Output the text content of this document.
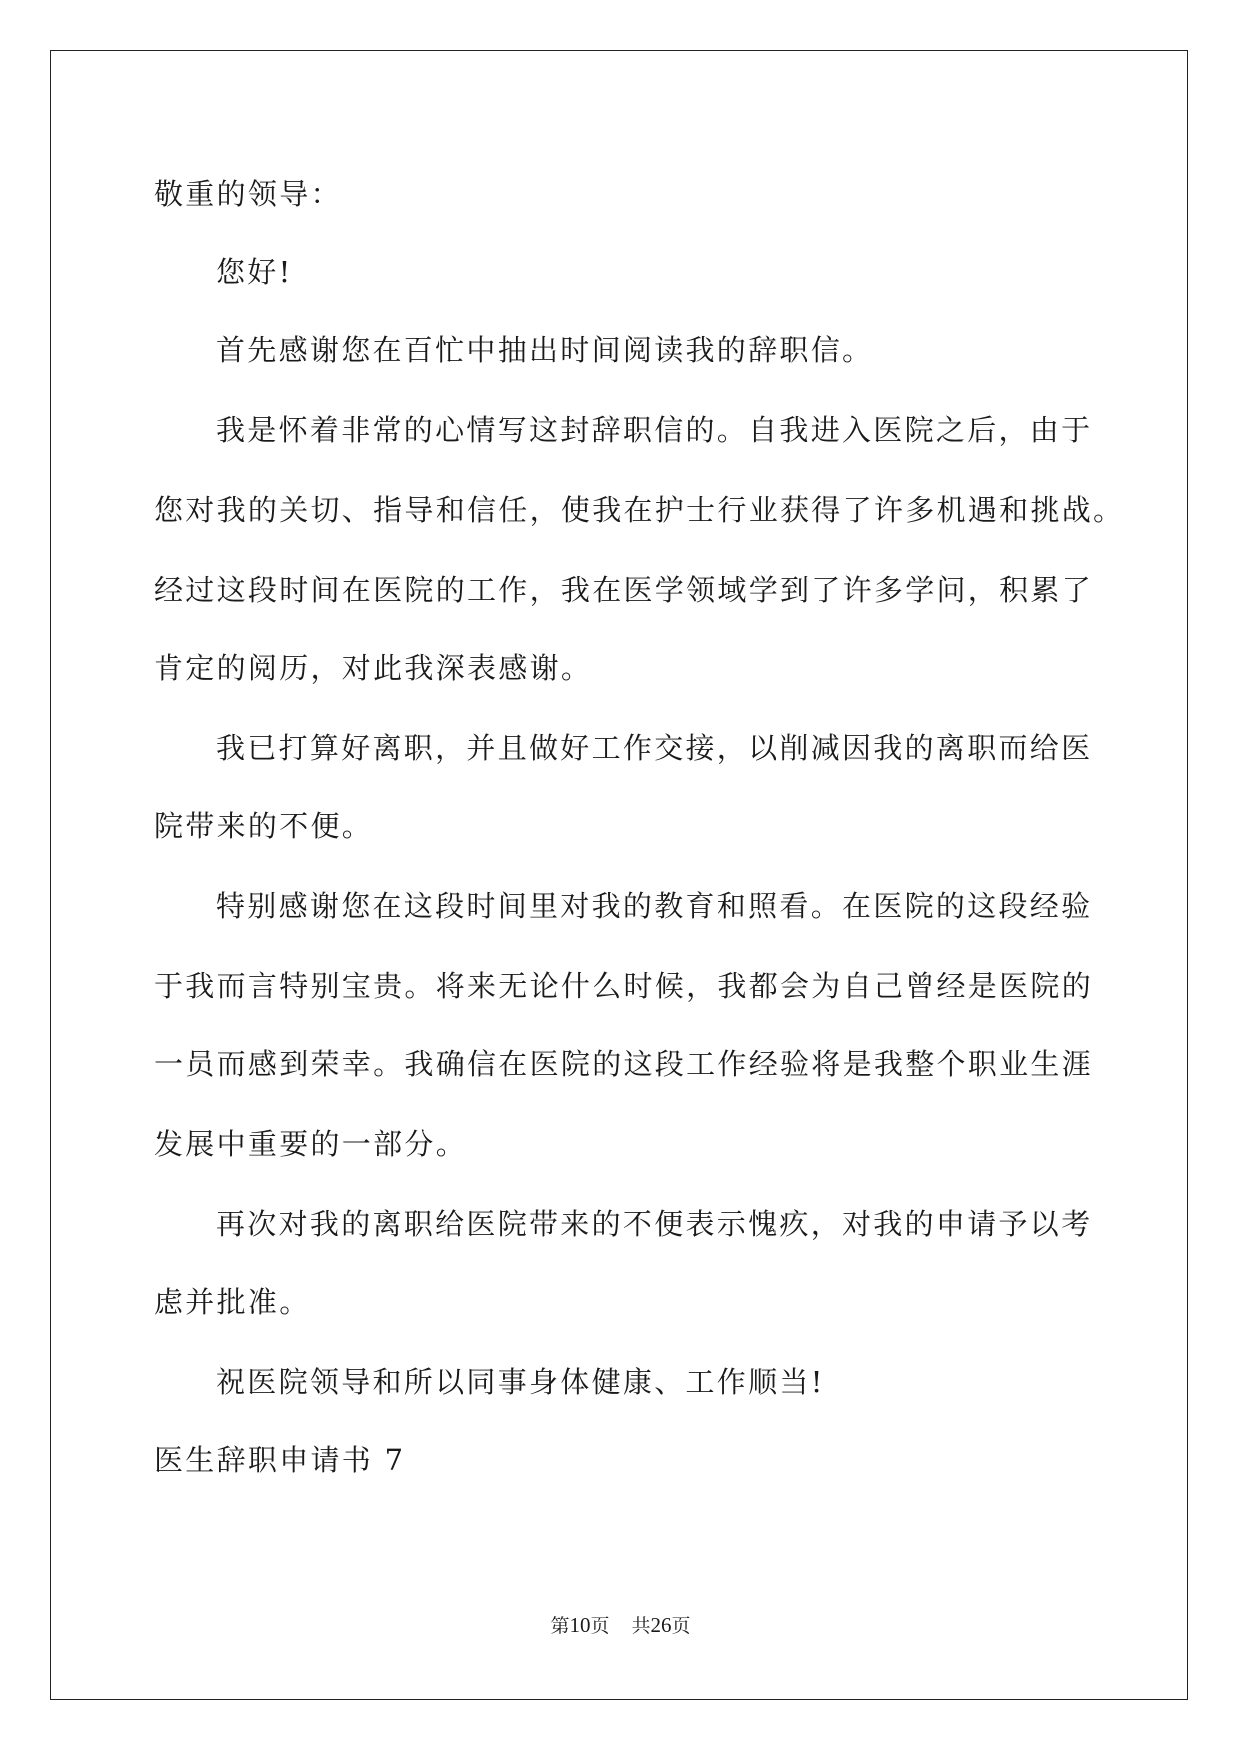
敬重的领导：
您好!
首先感谢您在百忙中抽出时间阅读我的辞职信。
我是怀着非常的心情写这封辞职信的。自我进入医院之后，由于
您对我的关切、指导和信任，使我在护士行业获得了许多机遇和挑战。
经过这段时间在医院的工作，我在医学领域学到了许多学问，积累了
肯定的阅历，对此我深表感谢。
我已打算好离职，并且做好工作交接，以削减因我的离职而给医
院带来的不便。
特别感谢您在这段时间里对我的教育和照看。在医院的这段经验
于我而言特别宝贵。将来无论什么时候，我都会为自己曾经是医院的
一员而感到荣幸。我确信在医院的这段工作经验将是我整个职业生涯
发展中重要的一部分。
再次对我的离职给医院带来的不便表示愧疚，对我的申请予以考
虑并批准。
祝医院领导和所以同事身体健康、工作顺当!
医生辞职申请书 7
第10页 共26页
